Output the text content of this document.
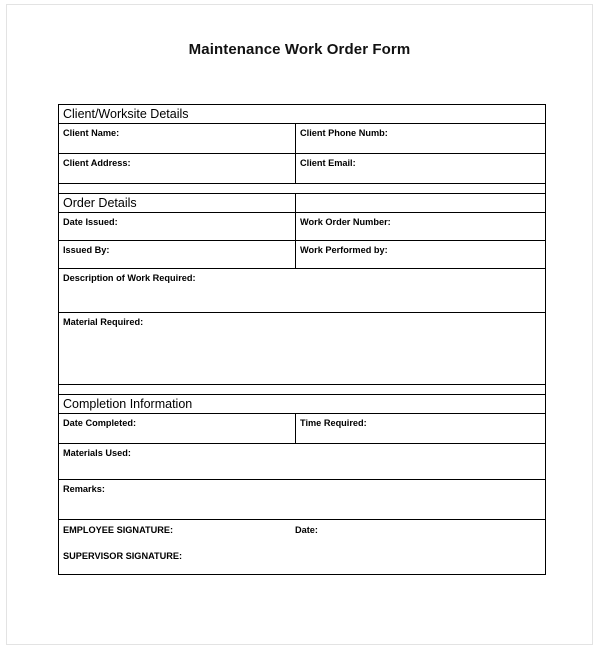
Maintenance Work Order Form
Client/Worksite Details	

Client Name:	Client Phone Numb:

Client Address:	Client Email:

Order Details	

Date Issued:	Work Order Number:

Issued By:	Work Performed by:

Description of Work Required:	

Material Required:	

Completion Information	

Date Completed:	Time Required:

Materials Used:	

Remarks:	

EMPLOYEE SIGNATURE: Date:
SUPERVISOR SIGNATURE:	
